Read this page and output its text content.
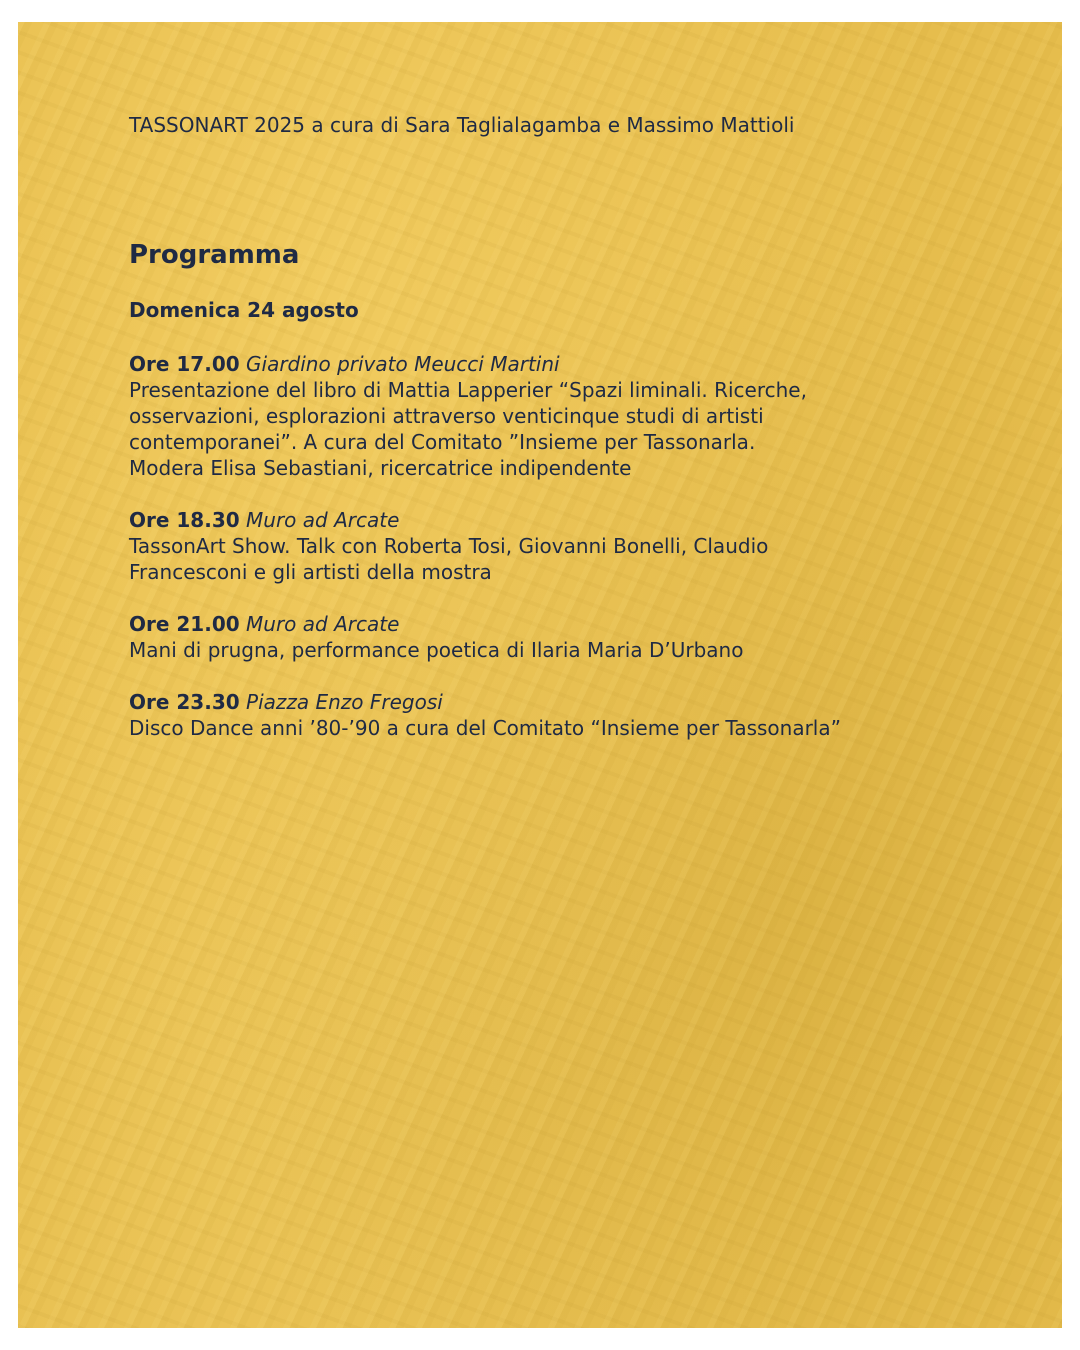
TASSONART 2025 a cura di Sara Taglialagamba e Massimo Mattioli

Programma
Domenica 24 agosto
Ore 17.00 Giardino privato Meucci Martini

Presentazione del libro di Mattia Lapperier “Spazi liminali. Ricerche,
osservazioni, esplorazioni attraverso venticinque studi di artisti
contemporanei”. A cura del Comitato ”Insieme per Tassonarla.
Modera Elisa Sebastiani, ricercatrice indipendente

Ore 18.30 Muro ad Arcate

TassonArt Show. Talk con Roberta Tosi, Giovanni Bonelli, Claudio
Francesconi e gli artisti della mostra

Ore 21.00 Muro ad Arcate

Mani di prugna, performance poetica di Ilaria Maria D’Urbano

Ore 23.30 Piazza Enzo Fregosi

Disco Dance anni ’80-’90 a cura del Comitato “Insieme per Tassonarla”
